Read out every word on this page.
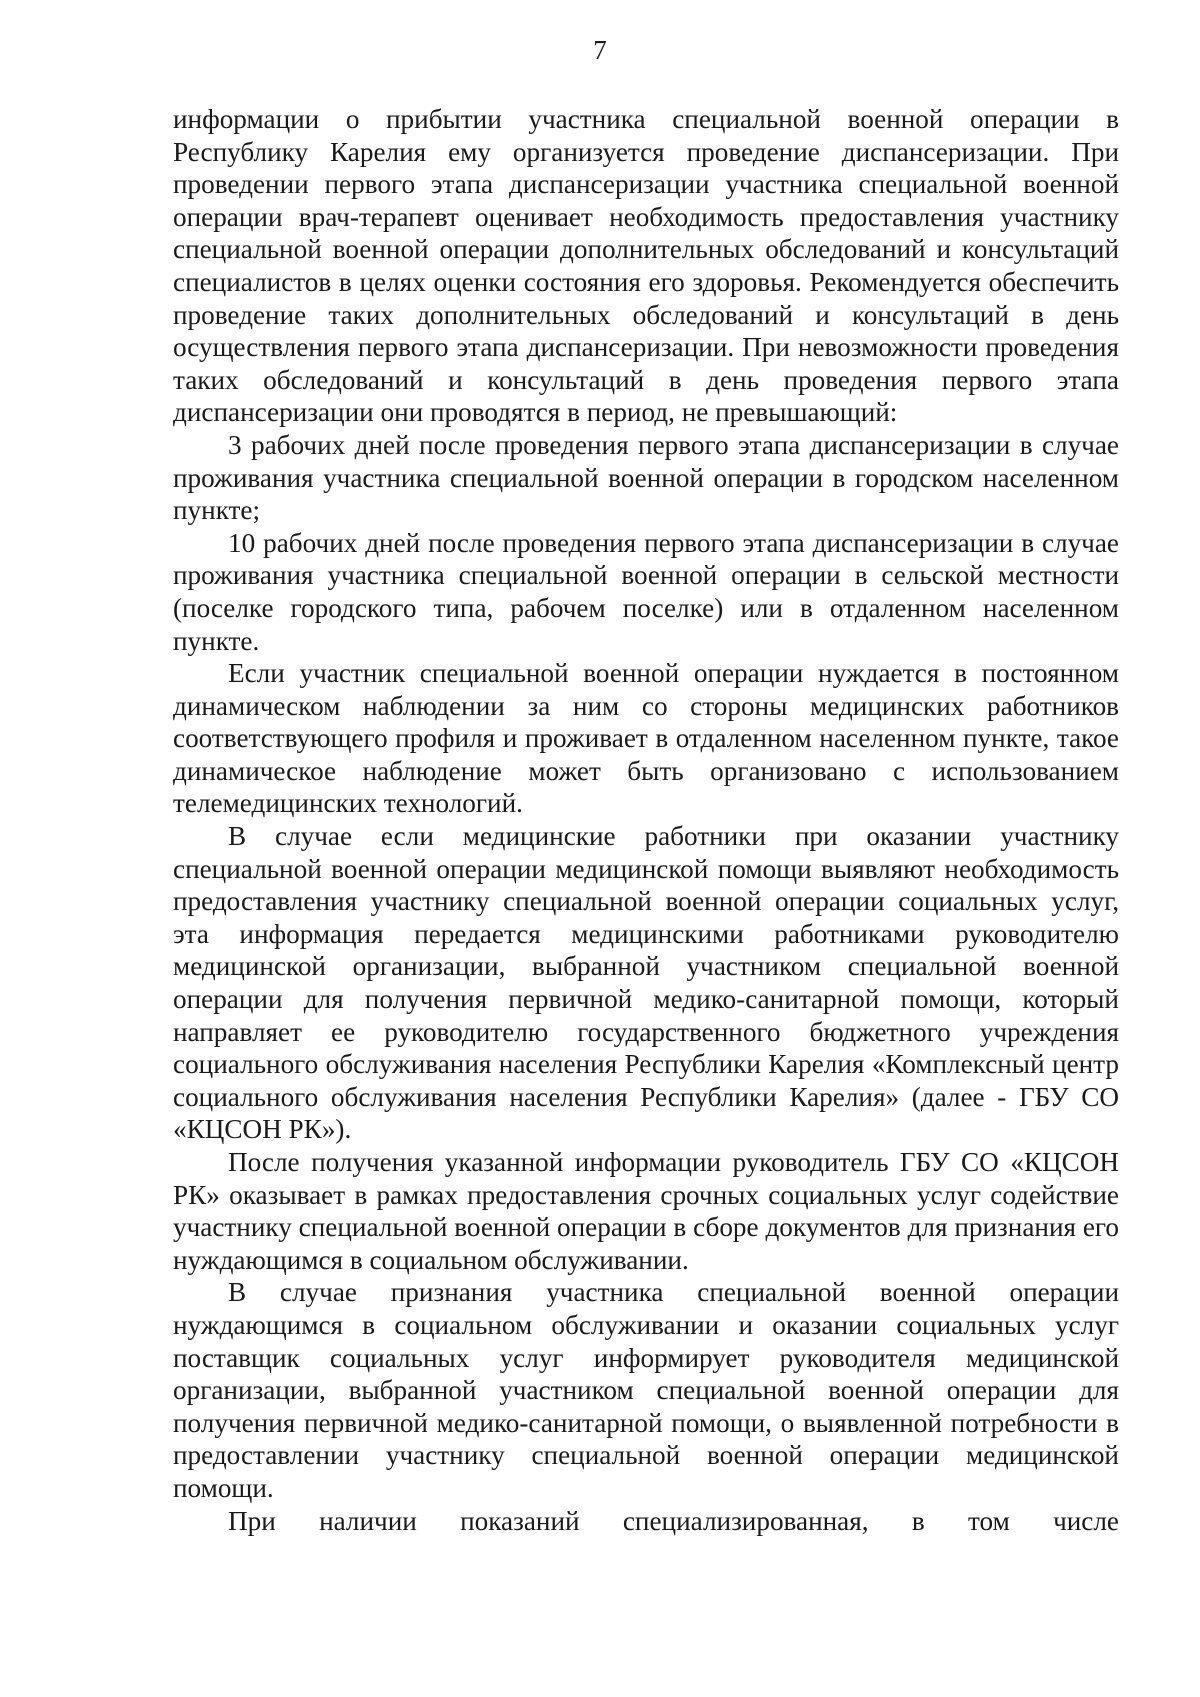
7

информации о прибытии участника специальной военной операции в Республику Карелия ему организуется проведение диспансеризации. При проведении первого этапа диспансеризации участника специальной военной операции врач-терапевт оценивает необходимость предоставления участнику специальной военной операции дополнительных обследований и консультаций специалистов в целях оценки состояния его здоровья. Рекомендуется обеспечить проведение таких дополнительных обследований и консультаций в день осуществления первого этапа диспансеризации. При невозможности проведения таких обследований и консультаций в день проведения первого этапа диспансеризации они проводятся в период, не превышающий:

3 рабочих дней после проведения первого этапа диспансеризации в случае проживания участника специальной военной операции в городском населенном пункте;

10 рабочих дней после проведения первого этапа диспансеризации в случае проживания участника специальной военной операции в сельской местности (поселке городского типа, рабочем поселке) или в отдаленном населенном пункте.

Если участник специальной военной операции нуждается в постоянном динамическом наблюдении за ним со стороны медицинских работников соответствующего профиля и проживает в отдаленном населенном пункте, такое динамическое наблюдение может быть организовано с использованием телемедицинских технологий.

В случае если медицинские работники при оказании участнику специальной военной операции медицинской помощи выявляют необходимость предоставления участнику специальной военной операции социальных услуг, эта информация передается медицинскими работниками руководителю медицинской организации, выбранной участником специальной военной операции для получения первичной медико-санитарной помощи, который направляет ее руководителю государственного бюджетного учреждения социального обслуживания населения Республики Карелия «Комплексный центр социального обслуживания населения Республики Карелия» (далее - ГБУ СО «КЦСОН РК»).

После получения указанной информации руководитель ГБУ СО «КЦСОН РК» оказывает в рамках предоставления срочных социальных услуг содействие участнику специальной военной операции в сборе документов для признания его нуждающимся в социальном обслуживании.

В случае признания участника специальной военной операции нуждающимся в социальном обслуживании и оказании социальных услуг поставщик социальных услуг информирует руководителя медицинской организации, выбранной участником специальной военной операции для получения первичной медико-санитарной помощи, о выявленной потребности в предоставлении участнику специальной военной операции медицинской помощи.

При наличии показаний специализированная, в том числе
